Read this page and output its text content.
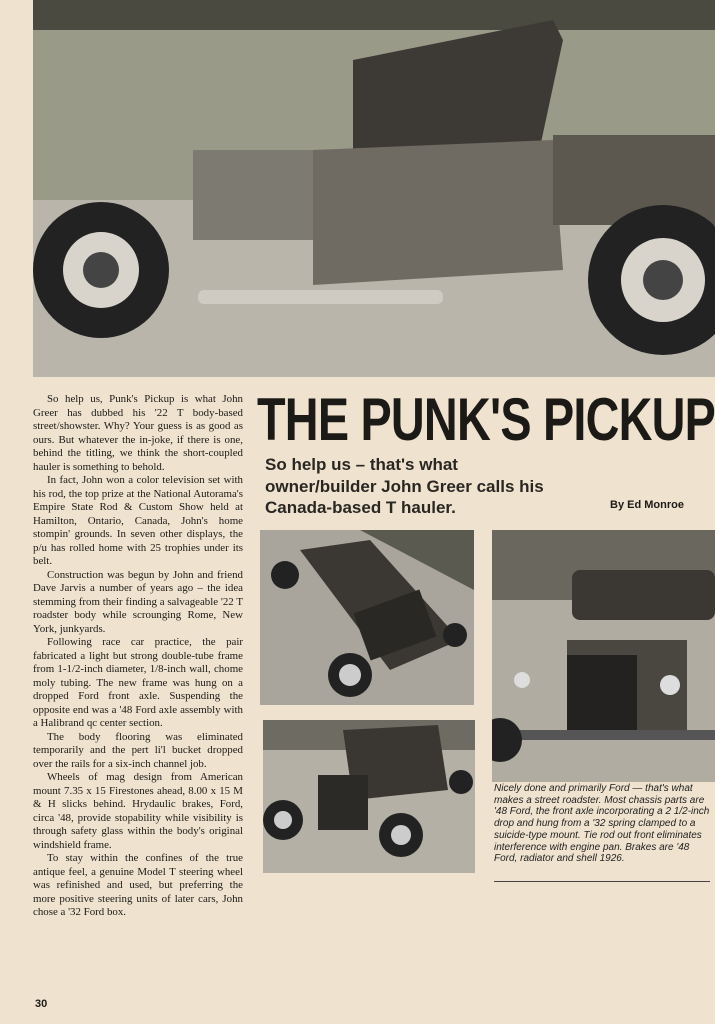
THE PUNK'S PICKUP
So help us – that's what owner/builder John Greer calls his Canada-based T hauler.	By Ed Monroe

So help us, Punk's Pickup is what John Greer has dubbed his '22 T body-based street/showster. Why? Your guess is as good as ours. But whatever the in-joke, if there is one, behind the titling, we think the short-coupled hauler is something to behold.

In fact, John won a color television set with his rod, the top prize at the National Autorama's Empire State Rod & Custom Show held at Hamilton, Ontario, Canada, John's home stompin' grounds. In seven other displays, the p/u has rolled home with 25 trophies under its belt.

Construction was begun by John and friend Dave Jarvis a number of years ago – the idea stemming from their finding a salvageable '22 T roadster body while scrounging Rome, New York, junkyards.

Following race car practice, the pair fabricated a light but strong double-tube frame from 1-1/2-inch diameter, 1/8-inch wall, chome moly tubing. The new frame was hung on a dropped Ford front axle. Suspending the opposite end was a '48 Ford axle assembly with a Halibrand qc center section.

The body flooring was eliminated temporarily and the pert li'l bucket dropped over the rails for a six-inch channel job.

Wheels of mag design from American mount 7.35 x 15 Firestones ahead, 8.00 x 15 M & H slicks behind. Hrydaulic brakes, Ford, circa '48, provide stopability while visibility is through safety glass within the body's original windshield frame.

To stay within the confines of the true antique feel, a genuine Model T steering wheel was refinished and used, but preferring the more positive steering units of later cars, John chose a '32 Ford box.

Nicely done and primarily Ford — that's what makes a street roadster. Most chassis parts are '48 Ford, the front axle incorporating a 2 1/2-inch drop and hung from a '32 spring clamped to a suicide-type mount. Tie rod out front eliminates interference with engine pan. Brakes are '48 Ford, radiator and shell 1926.
30
